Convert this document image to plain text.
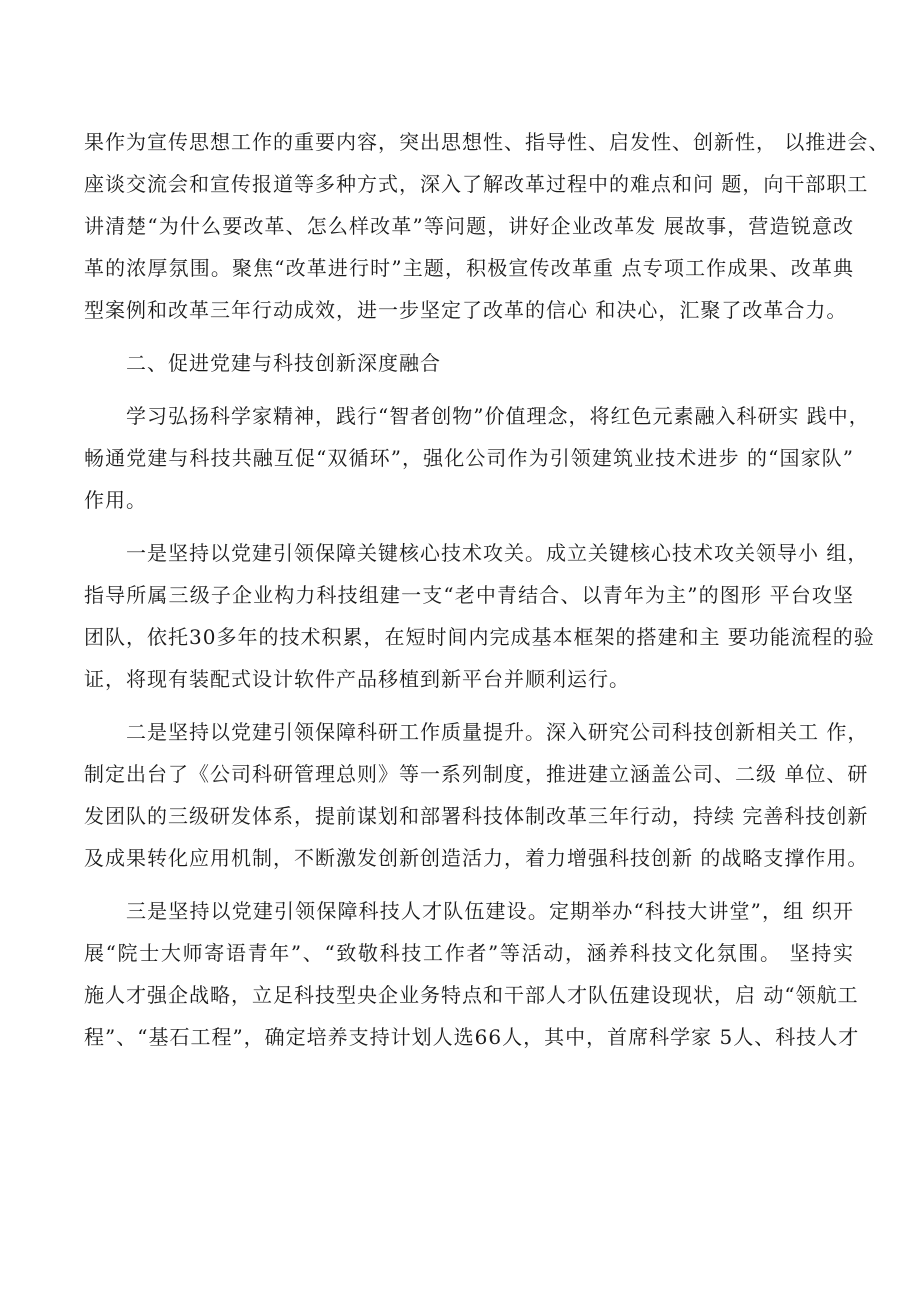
果作为宣传思想工作的重要内容，突出思想性、指导性、启发性、创新性， 以推进会、
座谈交流会和宣传报道等多种方式，深入了解改革过程中的难点和问 题，向干部职工
讲清楚“为什么要改革、怎么样改革”等问题，讲好企业改革发 展故事，营造锐意改
革的浓厚氛围。聚焦“改革进行时”主题，积极宣传改革重 点专项工作成果、改革典
型案例和改革三年行动成效，进一步坚定了改革的信心 和决心，汇聚了改革合力。
二、促进党建与科技创新深度融合
学习弘扬科学家精神，践行“智者创物”价值理念，将红色元素融入科研实 践中，
畅通党建与科技共融互促“双循环”，强化公司作为引领建筑业技术进步 的“国家队”
作用。
一是坚持以党建引领保障关键核心技术攻关。成立关键核心技术攻关领导小 组，
指导所属三级子企业构力科技组建一支“老中青结合、以青年为主”的图形 平台攻坚
团队，依托30多年的技术积累，在短时间内完成基本框架的搭建和主 要功能流程的验
证，将现有装配式设计软件产品移植到新平台并顺利运行。
二是坚持以党建引领保障科研工作质量提升。深入研究公司科技创新相关工 作，
制定出台了《公司科研管理总则》等一系列制度，推进建立涵盖公司、二级 单位、研
发团队的三级研发体系，提前谋划和部署科技体制改革三年行动，持续 完善科技创新
及成果转化应用机制，不断激发创新创造活力，着力增强科技创新 的战略支撑作用。
三是坚持以党建引领保障科技人才队伍建设。定期举办“科技大讲堂”，组 织开
展“院士大师寄语青年”、“致敬科技工作者”等活动，涵养科技文化氛围。 坚持实
施人才强企战略，立足科技型央企业务特点和干部人才队伍建设现状，启 动“领航工
程”、“基石工程”，确定培养支持计划人选66人，其中，首席科学家 5人、科技人才
